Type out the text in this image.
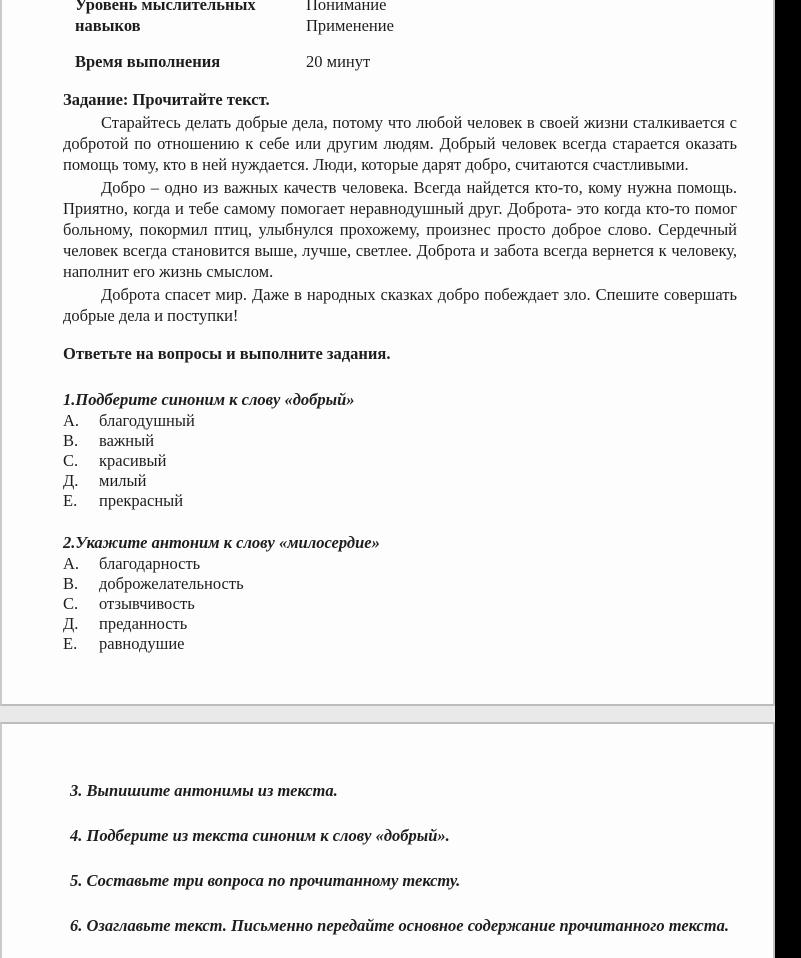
Уровень мыслительных навыков
Понимание
Применение
Время выполнения	20 минут
Задание: Прочитайте текст.

Старайтесь делать добрые дела, потому что любой человек в своей жизни сталкивается с добротой по отношению к себе или другим людям. Добрый человек всегда старается оказать помощь тому, кто в ней нуждается. Люди, которые дарят добро, считаются счастливыми.

Добро – одно из важных качеств человека. Всегда найдется кто-то, кому нужна помощь. Приятно, когда и тебе самому помогает неравнодушный друг. Доброта- это когда кто-то помог больному, покормил птиц, улыбнулся прохожему, произнес просто доброе слово. Сердечный человек всегда становится выше, лучше, светлее. Доброта и забота всегда вернется к человеку, наполнит его жизнь смыслом.

Доброта спасет мир. Даже в народных сказках добро побеждает зло. Спешите совершать добрые дела и поступки!

Ответьте на вопросы и выполните задания.
1.Подберите синоним к слову «добрый»
А. благодушный
В. важный
С. красивый
Д. милый
Е. прекрасный
2.Укажите антоним к слову «милосердие»
А. благодарность
В. доброжелательность
С. отзывчивость
Д. преданность
Е. равнодушие
3. Выпишите антонимы из текста.
4. Подберите из текста синоним к слову «добрый».
5. Составьте три вопроса по прочитанному тексту.
6. Озаглавьте текст. Письменно передайте основное содержание прочитанного текста.
